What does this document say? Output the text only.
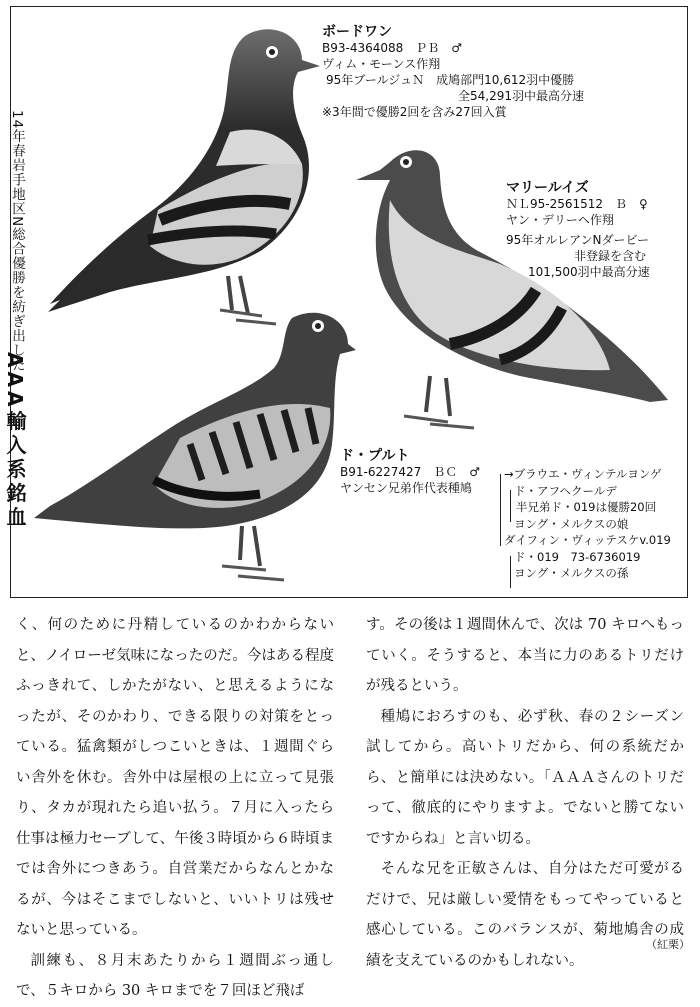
14年春岩手地区N総合優勝を紡ぎ出した
AAA輸入系銘血
ボードワン
B93-4364088　ＰＢ　♂
ヴィム・モーンス作翔
95年ブールジュＮ　成鳩部門10,612羽中優勝
全54,291羽中最高分速
※3年間で優勝2回を含み27回入賞
マリールイズ
ＮＬ95-2561512　Ｂ　♀
ヤン・デリーヘ作翔
95年オルレアンNダービー
非登録を含む
101,500羽中最高分速
ド・プルト
B91-6227427　ＢＣ　♂
ヤンセン兄弟作代表種鳩
→ブラウエ・ヴィンテルヨンゲ
ド・アフヘクールデ
半兄弟ド・019は優勝20回
ヨング・メルクスの娘
ダイフィン・ヴィッテスケv.019
ド・019　73-6736019
ヨング・メルクスの孫

く、何のために丹精しているのかわからないと、ノイローゼ気味になったのだ。今はある程度ふっきれて、しかたがない、と思えるようになったが、そのかわり、できる限りの対策をとっている。猛禽類がしつこいときは、１週間ぐらい舎外を休む。舎外中は屋根の上に立って見張り、タカが現れたら追い払う。７月に入ったら仕事は極力セーブして、午後３時頃から６時頃までは舎外につきあう。自営業だからなんとかなるが、今はそこまでしないと、いいトリは残せないと思っている。

訓練も、８月末あたりから１週間ぶっ通しで、５キロから 30 キロまでを７回ほど飛ば

す。その後は１週間休んで、次は 70 キロへもっていく。そうすると、本当に力のあるトリだけが残るという。

種鳩におろすのも、必ず秋、春の２シーズン試してから。高いトリだから、何の系統だから、と簡単には決めない。「ＡＡＡさんのトリだって、徹底的にやりますよ。でないと勝てないですからね」と言い切る。

そんな兄を正敏さんは、自分はただ可愛がるだけで、兄は厳しい愛情をもってやっていると感心している。このバランスが、菊地鳩舎の成績を支えているのかもしれない。

（紅栗）
